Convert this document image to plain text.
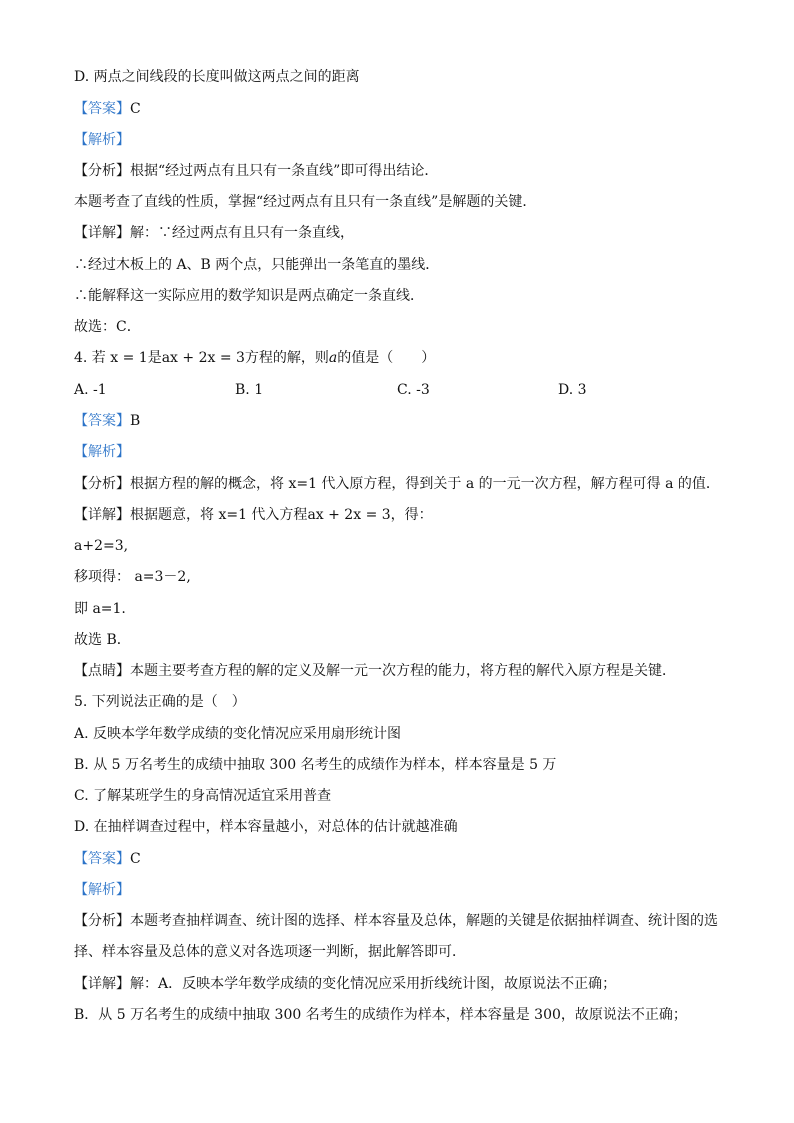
D. 两点之间线段的长度叫做这两点之间的距离
【答案】C
【解析】
【分析】根据“经过两点有且只有一条直线”即可得出结论．
本题考查了直线的性质，掌握“经过两点有且只有一条直线”是解题的关键．
【详解】解：∵经过两点有且只有一条直线，
∴经过木板上的 A、B 两个点，只能弹出一条笔直的墨线．
∴能解释这一实际应用的数学知识是两点确定一条直线．
故选：C．
4. 若 x = 1是ax + 2x = 3方程的解，则a的值是（　　）
A. -1	B. 1	C. -3	D. 3
【答案】B
【解析】
【分析】根据方程的解的概念，将 x=1 代入原方程，得到关于 a 的一元一次方程，解方程可得 a 的值．
【详解】根据题意，将 x=1 代入方程ax + 2x = 3，得：
a+2=3,
移项得： a=3－2,
即 a=1.
故选 B．
【点睛】本题主要考查方程的解的定义及解一元一次方程的能力，将方程的解代入原方程是关键．
5. 下列说法正确的是（　）
A. 反映本学年数学成绩的变化情况应采用扇形统计图
B. 从 5 万名考生的成绩中抽取 300 名考生的成绩作为样本，样本容量是 5 万
C. 了解某班学生的身高情况适宜采用普查
D. 在抽样调查过程中，样本容量越小，对总体的估计就越准确
【答案】C
【解析】
【分析】本题考查抽样调查、统计图的选择、样本容量及总体，解题的关键是依据抽样调查、统计图的选
择、样本容量及总体的意义对各选项逐一判断，据此解答即可．
【详解】解：A．反映本学年数学成绩的变化情况应采用折线统计图，故原说法不正确；
B．从 5 万名考生的成绩中抽取 300 名考生的成绩作为样本，样本容量是 300，故原说法不正确；
